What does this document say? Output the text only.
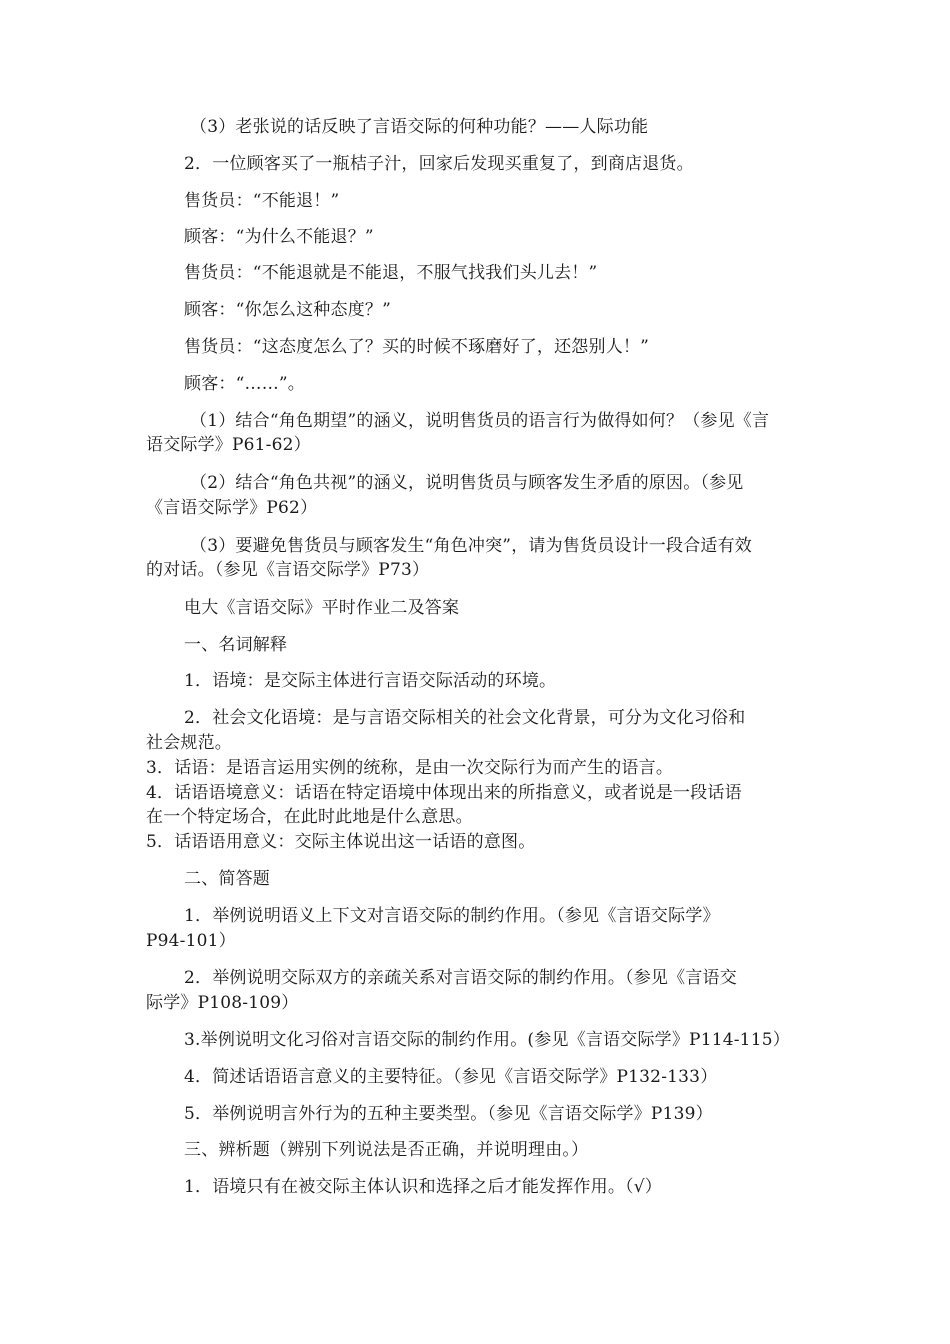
（3）老张说的话反映了言语交际的何种功能？——人际功能
2．一位顾客买了一瓶桔子汁，回家后发现买重复了，到商店退货。
售货员：“不能退！”
顾客：“为什么不能退？”
售货员：“不能退就是不能退，不服气找我们头儿去！”
顾客：“你怎么这种态度？”
售货员：“这态度怎么了？买的时候不琢磨好了，还怨别人！”
顾客：“……”。
（1）结合“角色期望”的涵义，说明售货员的语言行为做得如何？（参见《言
语交际学》P61-62）
（2）结合“角色共视”的涵义，说明售货员与顾客发生矛盾的原因。（参见
《言语交际学》P62）
（3）要避免售货员与顾客发生“角色冲突”，请为售货员设计一段合适有效
的对话。（参见《言语交际学》P73）
电大《言语交际》平时作业二及答案
一、名词解释
1．语境：是交际主体进行言语交际活动的环境。
2．社会文化语境：是与言语交际相关的社会文化背景，可分为文化习俗和
社会规范。
3．话语：是语言运用实例的统称，是由一次交际行为而产生的语言。
4．话语语境意义：话语在特定语境中体现出来的所指意义，或者说是一段话语
在一个特定场合，在此时此地是什么意思。
5．话语语用意义：交际主体说出这一话语的意图。
二、简答题
1．举例说明语义上下文对言语交际的制约作用。（参见《言语交际学》
P94-101）
2．举例说明交际双方的亲疏关系对言语交际的制约作用。（参见《言语交
际学》P108-109）
3.举例说明文化习俗对言语交际的制约作用。(参见《言语交际学》P114-115）
4．简述话语语言意义的主要特征。（参见《言语交际学》P132-133）
5．举例说明言外行为的五种主要类型。（参见《言语交际学》P139）
三、辨析题（辨别下列说法是否正确，并说明理由。）
1．语境只有在被交际主体认识和选择之后才能发挥作用。（√）
